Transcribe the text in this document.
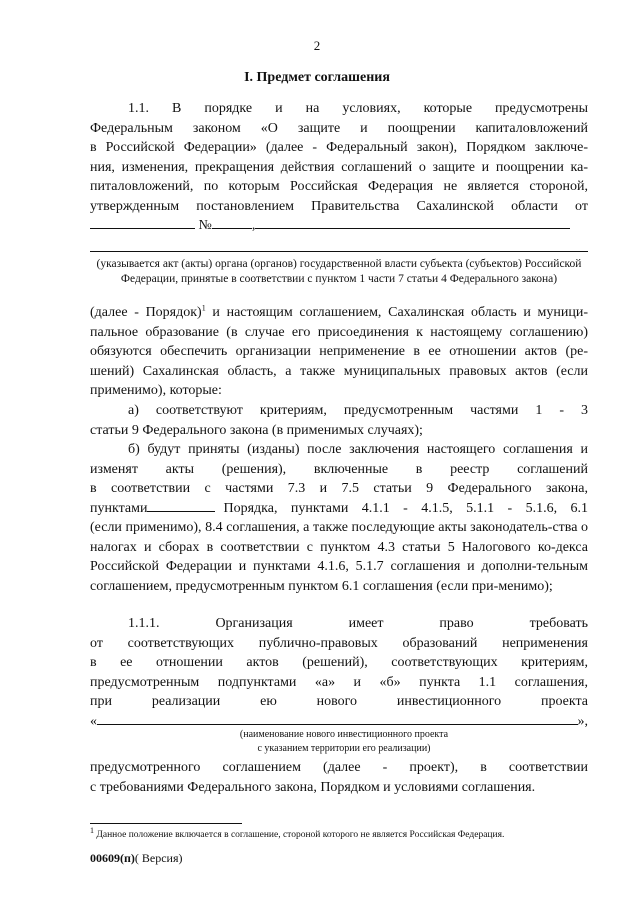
2
I. Предмет соглашения

1.1. В порядке и на условиях, которые предусмотрены

Федеральным законом «О защите и поощрении капиталовложений

в Российской Федерации» (далее - Федеральный закон), Порядком заключе-

ния, изменения, прекращения действия соглашений о защите и поощрении ка-

питаловложений, по которым Российская Федерация не является стороной,

утвержденным постановлением Правительства Сахалинской области от

№	,

(указывается акт (акты) органа (органов) государственной власти субъекта (субъектов) Российской Федерации, принятые в соответствии с пунктом 1 части 7 статьи 4 Федерального закона)

(далее - Порядок)$^1$ и настоящим соглашением, Сахалинская область и муници-пальное образование (в случае его присоединения к настоящему соглашению) обязуются обеспечить организации неприменение в ее отношении актов (ре-шений) Сахалинская область, а также муниципальных правовых актов (если применимо), которые:

а) соответствуют критериям, предусмотренным частями 1 - 3

статьи 9 Федерального закона (в применимых случаях);

б) будут приняты (изданы) после заключения настоящего соглашения и

изменят акты (решения), включенные в реестр соглашений

в соответствии с частями 7.3 и 7.5 статьи 9 Федерального закона,

пунктами	Порядка, пунктами 4.1.1 - 4.1.5, 5.1.1 - 5.1.6, 6.1

(если применимо), 8.4 соглашения, а также последующие акты законодатель-ства о налогах и сборах в соответствии с пунктом 4.3 статьи 5 Налогового ко-декса Российской Федерации и пунктами 4.1.6, 5.1.7 соглашения и дополни-тельным соглашением, предусмотренным пунктом 6.1 соглашения (если при-менимо);

1.1.1. Организация имеет право требовать

от соответствующих публично-правовых образований неприменения

в ее отношении актов (решений), соответствующих критериям,

предусмотренным подпунктами «а» и «б» пункта 1.1 соглашения,

при реализации ею нового инвестиционного проекта

«	»,

(наименование нового инвестиционного проекта
с указанием территории его реализации)

предусмотренного соглашением (далее - проект), в соответствии

с требованиями Федерального закона, Порядком и условиями соглашения.

$^1$ Данное положение включается в соглашение, стороной которого не является Российская Федерация.
00609(п)( Версия)
